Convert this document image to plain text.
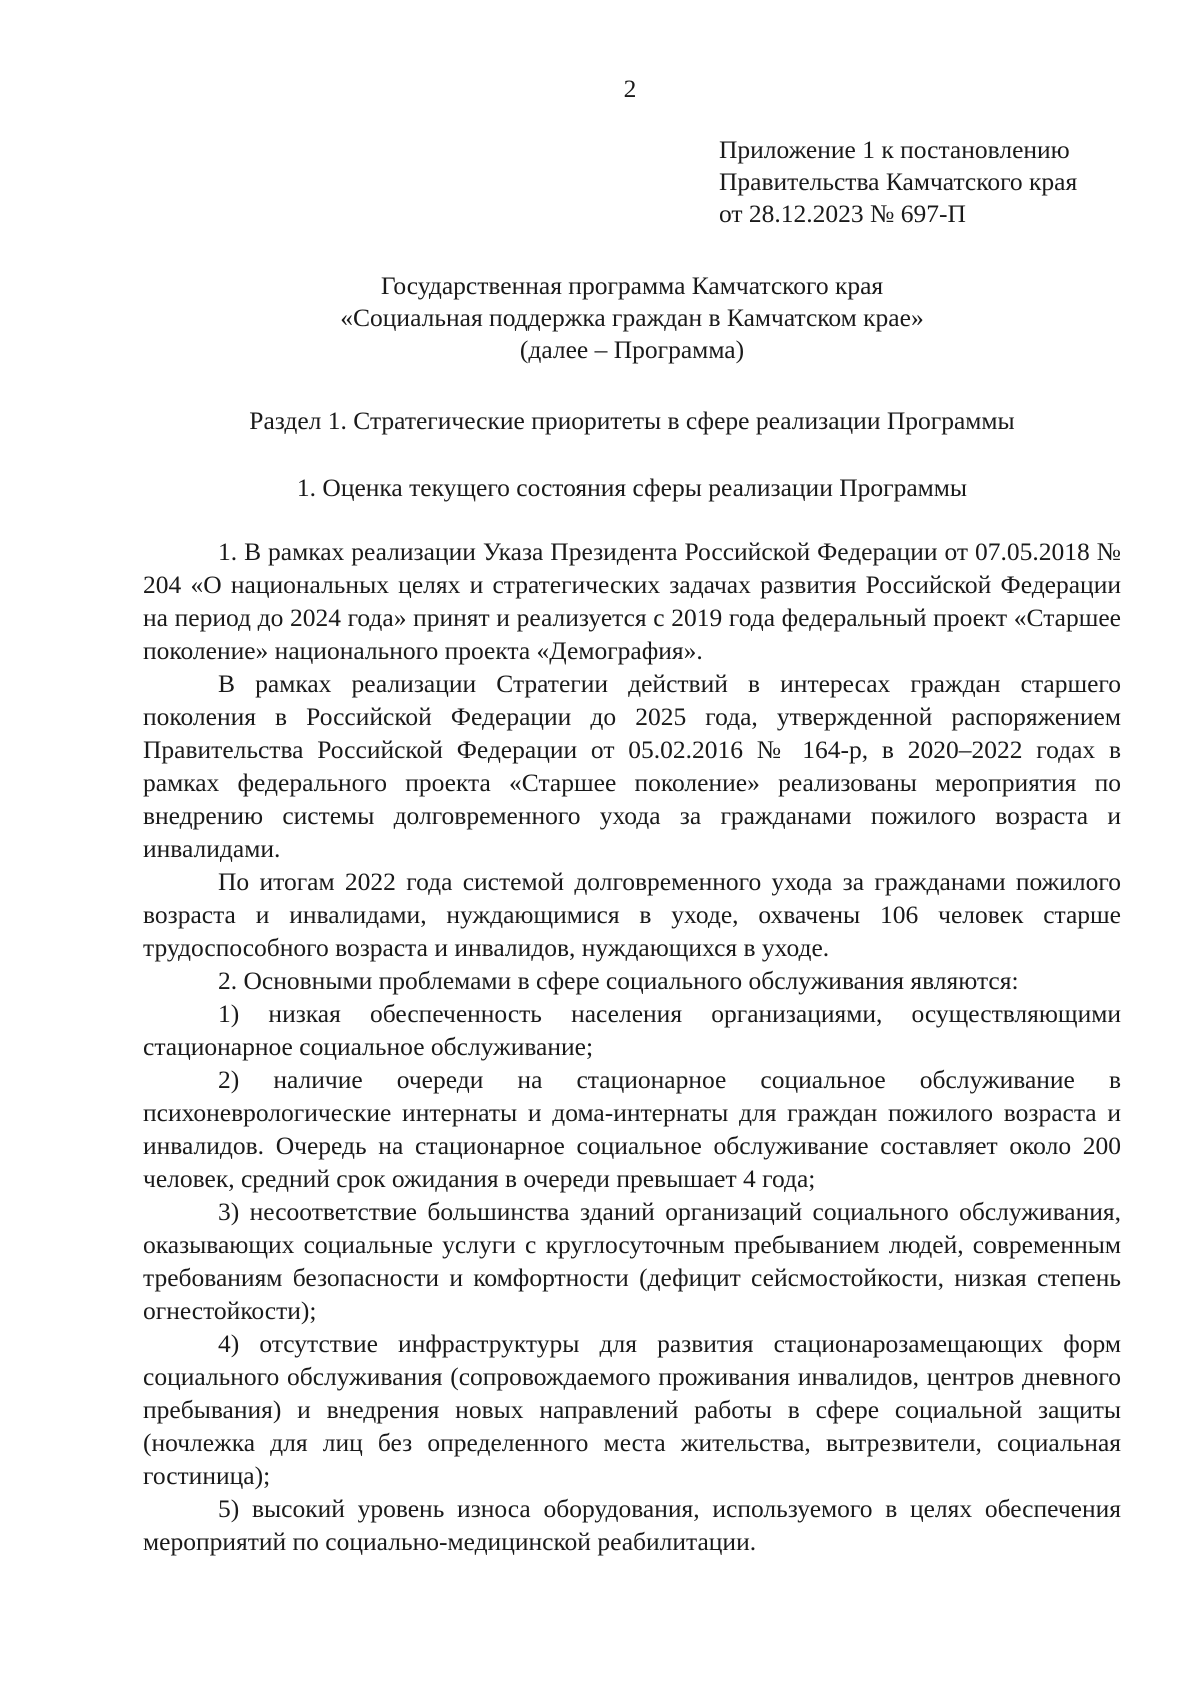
2
Приложение 1 к постановлению
Правительства Камчатского края
от 28.12.2023 № 697-П
Государственная программа Камчатского края
«Социальная поддержка граждан в Камчатском крае»
(далее – Программа)
Раздел 1. Стратегические приоритеты в сфере реализации Программы
1. Оценка текущего состояния сферы реализации Программы

1. В рамках реализации Указа Президента Российской Федерации от 07.05.2018 № 204 «О национальных целях и стратегических задачах развития Российской Федерации на период до 2024 года» принят и реализуется с 2019 года федеральный проект «Старшее поколение» национального проекта «Демография».

В рамках реализации Стратегии действий в интересах граждан старшего поколения в Российской Федерации до 2025 года, утвержденной распоряжением Правительства Российской Федерации от 05.02.2016 № 164-р, в 2020–2022 годах в рамках федерального проекта «Старшее поколение» реализованы мероприятия по внедрению системы долговременного ухода за гражданами пожилого возраста и инвалидами.

По итогам 2022 года системой долговременного ухода за гражданами пожилого возраста и инвалидами, нуждающимися в уходе, охвачены 106 человек старше трудоспособного возраста и инвалидов, нуждающихся в уходе.

2. Основными проблемами в сфере социального обслуживания являются:

1) низкая обеспеченность населения организациями, осуществляющими стационарное социальное обслуживание;

2) наличие очереди на стационарное социальное обслуживание в психоневрологические интернаты и дома-интернаты для граждан пожилого возраста и инвалидов. Очередь на стационарное социальное обслуживание составляет около 200 человек, средний срок ожидания в очереди превышает 4 года;

3) несоответствие большинства зданий организаций социального обслуживания, оказывающих социальные услуги с круглосуточным пребыванием людей, современным требованиям безопасности и комфортности (дефицит сейсмостойкости, низкая степень огнестойкости);

4) отсутствие инфраструктуры для развития стационарозамещающих форм социального обслуживания (сопровождаемого проживания инвалидов, центров дневного пребывания) и внедрения новых направлений работы в сфере социальной защиты (ночлежка для лиц без определенного места жительства, вытрезвители, социальная гостиница);

5) высокий уровень износа оборудования, используемого в целях обеспечения мероприятий по социально-медицинской реабилитации.
